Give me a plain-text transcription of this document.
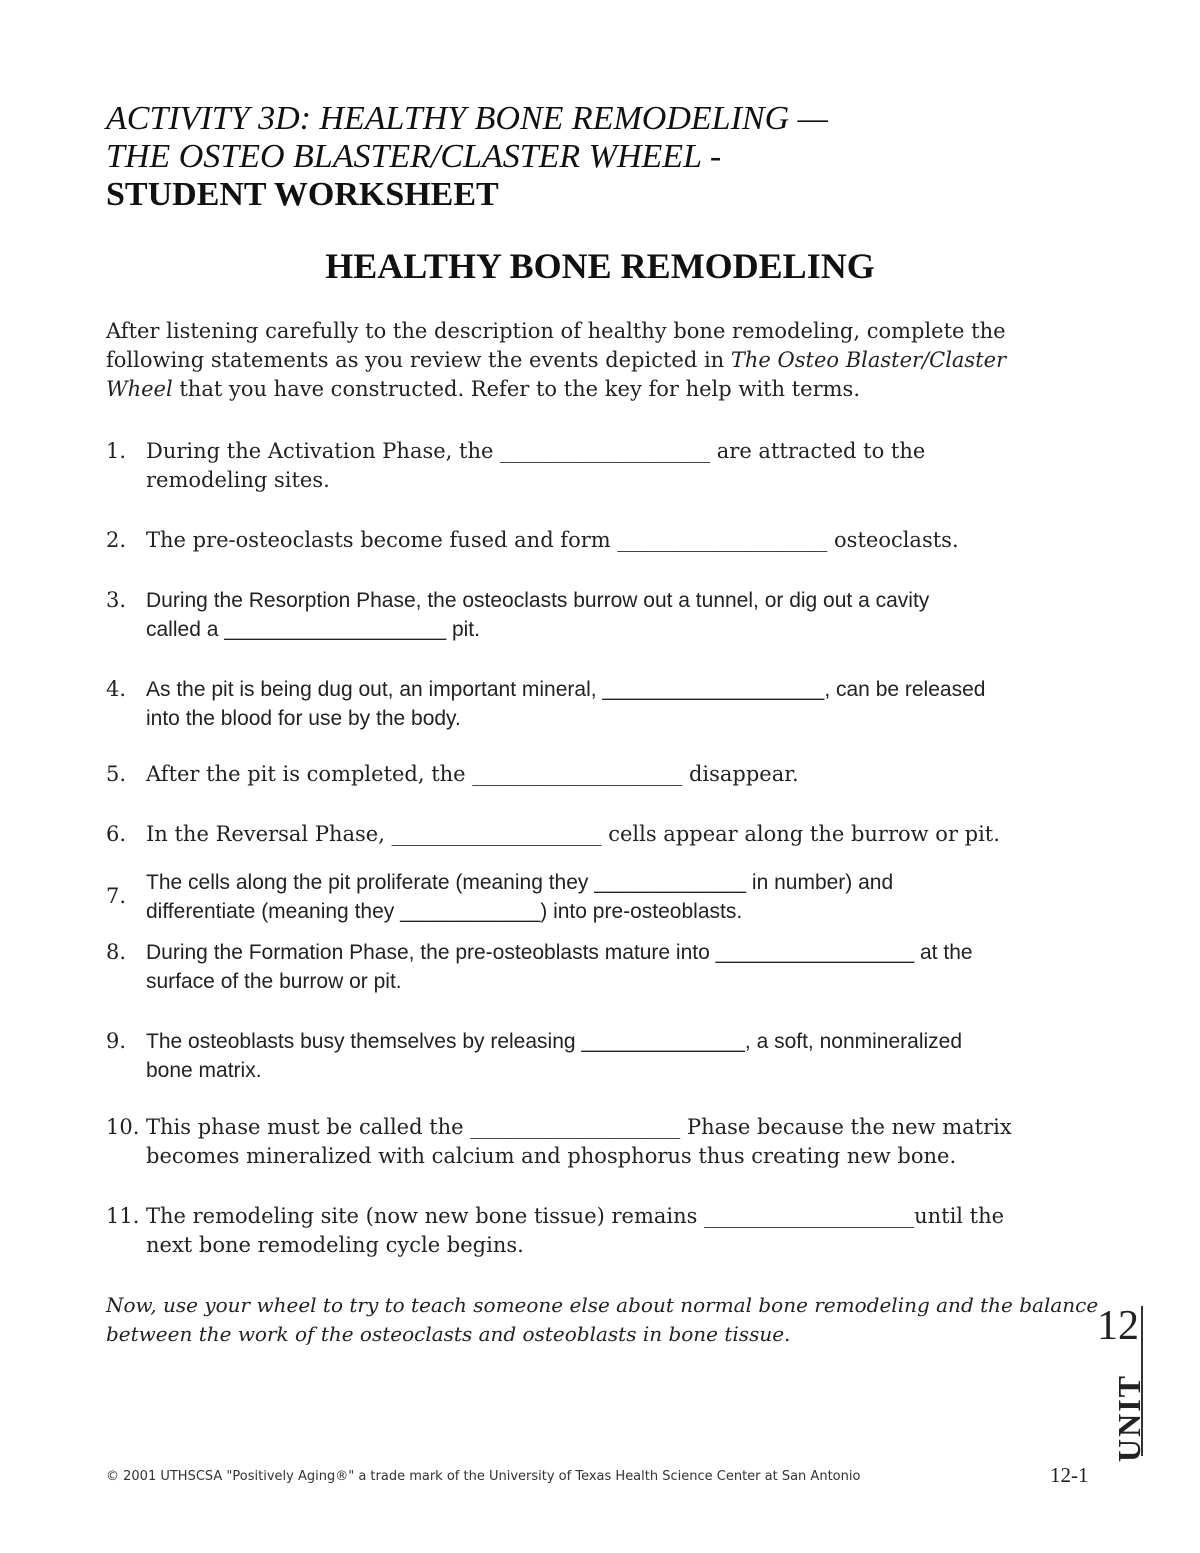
ACTIVITY 3D: HEALTHY BONE REMODELING —
THE OSTEO BLASTER/CLASTER WHEEL -
STUDENT WORKSHEET
HEALTHY BONE REMODELING
After listening carefully to the description of healthy bone remodeling, complete the
following statements as you review the events depicted in The Osteo Blaster/Claster
Wheel that you have constructed. Refer to the key for help with terms.
1. During the Activation Phase, the ____________________ are attracted to the
remodeling sites.
2. The pre-osteoclasts become fused and form ____________________ osteoclasts.
3. During the Resorption Phase, the osteoclasts burrow out a tunnel, or dig out a cavity
called a ___________________ pit.
4. As the pit is being dug out, an important mineral, ___________________, can be released
into the blood for use by the body.
5. After the pit is completed, the ____________________ disappear.
6. In the Reversal Phase, ____________________ cells appear along the burrow or pit.
7.
The cells along the pit proliferate (meaning they _____________ in number) and
differentiate (meaning they ____________) into pre-osteoblasts.
8. During the Formation Phase, the pre-osteoblasts mature into _________________ at the
surface of the burrow or pit.
9. The osteoblasts busy themselves by releasing ______________, a soft, nonmineralized
bone matrix.
10. This phase must be called the ____________________ Phase because the new matrix
becomes mineralized with calcium and phosphorus thus creating new bone.
11. The remodeling site (now new bone tissue) remains ____________________until the
next bone remodeling cycle begins.
Now, use your wheel to try to teach someone else about normal bone remodeling and the balance
between the work of the osteoclasts and osteoblasts in bone tissue.	12
UNIT
© 2001 UTHSCSA "Positively Aging®" a trade mark of the University of Texas Health Science Center at San Antonio	12-1
